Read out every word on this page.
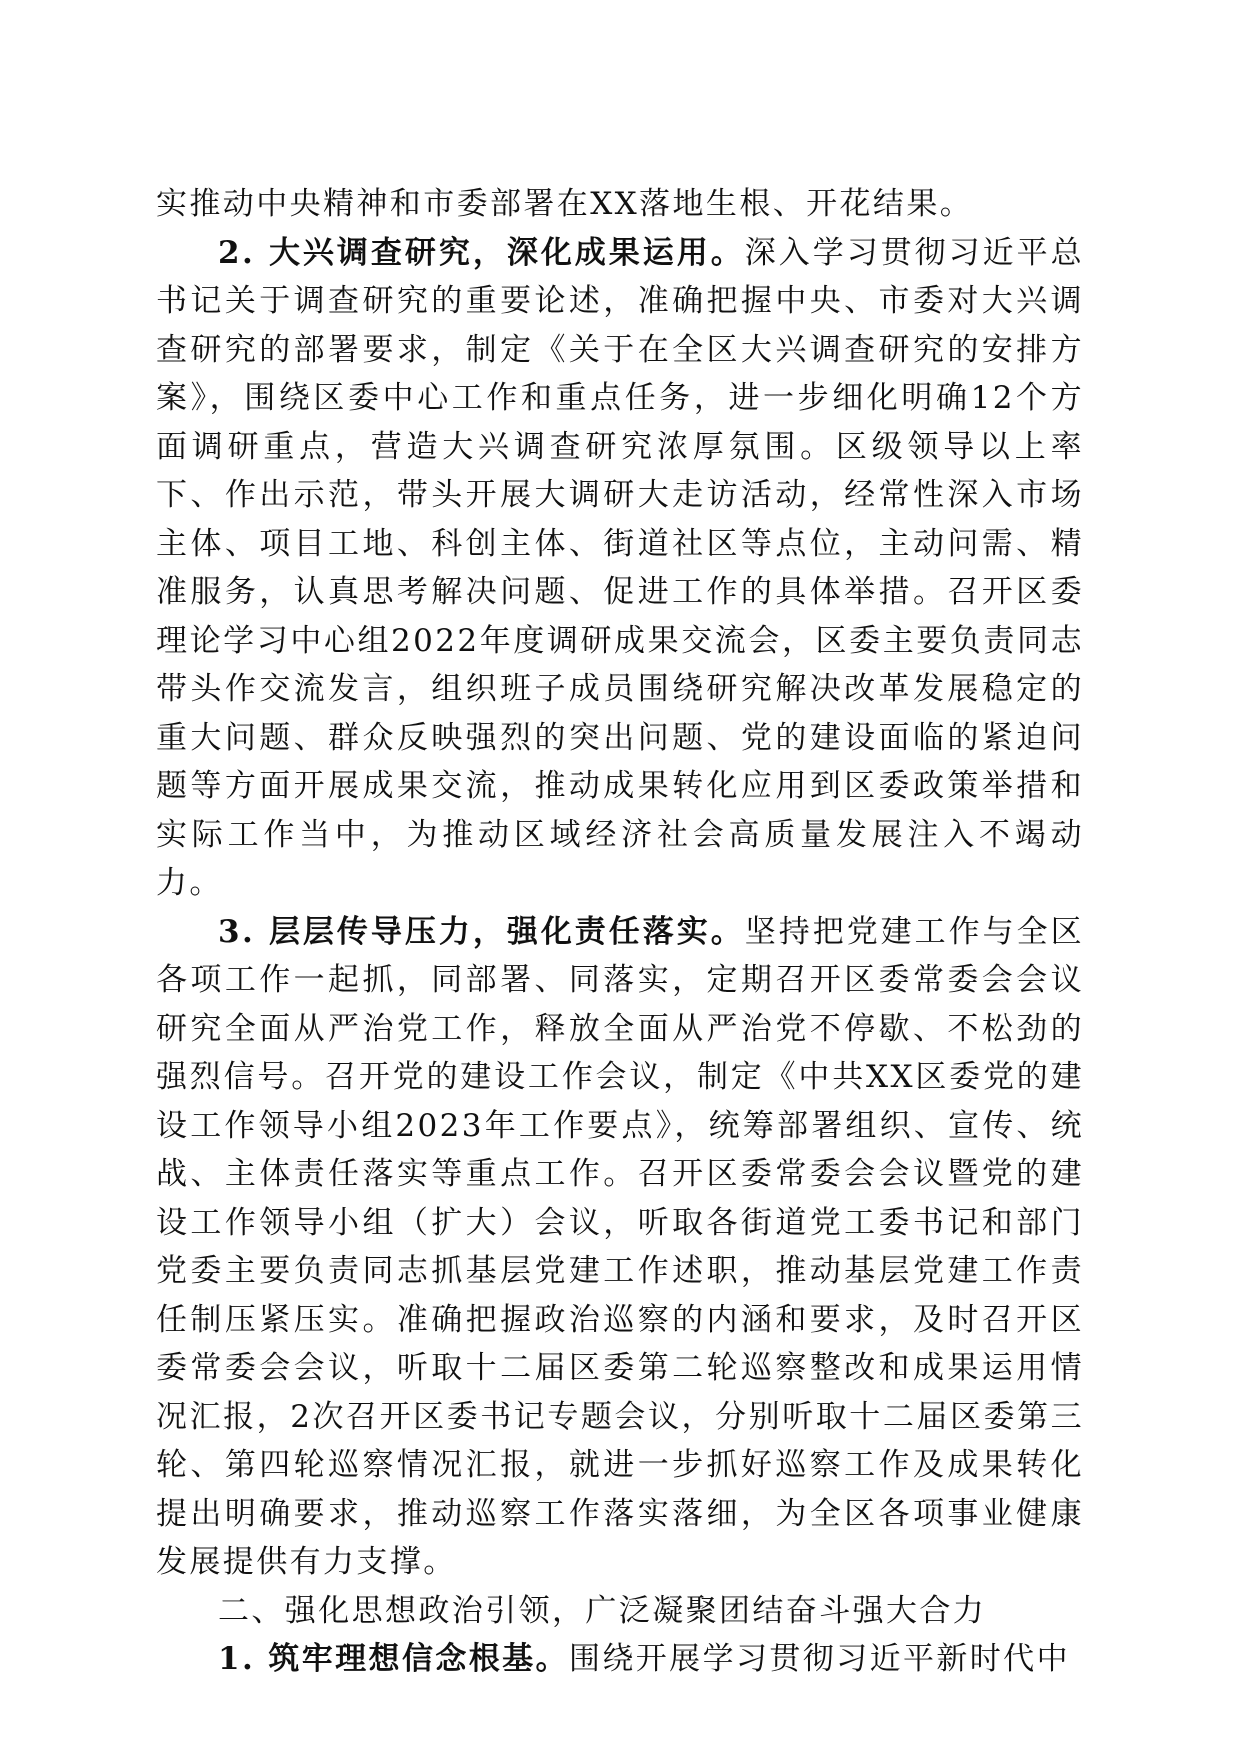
实推动中央精神和市委部署在XX落地生根、开花结果。

2. 大兴调查研究，深化成果运用。深入学习贯彻习近平总书记关于调查研究的重要论述，准确把握中央、市委对大兴调查研究的部署要求，制定《关于在全区大兴调查研究的安排方案》，围绕区委中心工作和重点任务，进一步细化明确12个方面调研重点，营造大兴调查研究浓厚氛围。区级领导以上率下、作出示范，带头开展大调研大走访活动，经常性深入市场主体、项目工地、科创主体、街道社区等点位，主动问需、精准服务，认真思考解决问题、促进工作的具体举措。召开区委理论学习中心组2022年度调研成果交流会，区委主要负责同志带头作交流发言，组织班子成员围绕研究解决改革发展稳定的重大问题、群众反映强烈的突出问题、党的建设面临的紧迫问题等方面开展成果交流，推动成果转化应用到区委政策举措和实际工作当中，为推动区域经济社会高质量发展注入不竭动力。

3. 层层传导压力，强化责任落实。坚持把党建工作与全区各项工作一起抓，同部署、同落实，定期召开区委常委会会议研究全面从严治党工作，释放全面从严治党不停歇、不松劲的强烈信号。召开党的建设工作会议，制定《中共XX区委党的建设工作领导小组2023年工作要点》，统筹部署组织、宣传、统战、主体责任落实等重点工作。召开区委常委会会议暨党的建设工作领导小组（扩大）会议，听取各街道党工委书记和部门党委主要负责同志抓基层党建工作述职，推动基层党建工作责任制压紧压实。准确把握政治巡察的内涵和要求，及时召开区委常委会会议，听取十二届区委第二轮巡察整改和成果运用情况汇报，2次召开区委书记专题会议，分别听取十二届区委第三轮、第四轮巡察情况汇报，就进一步抓好巡察工作及成果转化提出明确要求，推动巡察工作落实落细，为全区各项事业健康发展提供有力支撑。

二、强化思想政治引领，广泛凝聚团结奋斗强大合力

1. 筑牢理想信念根基。围绕开展学习贯彻习近平新时代中
